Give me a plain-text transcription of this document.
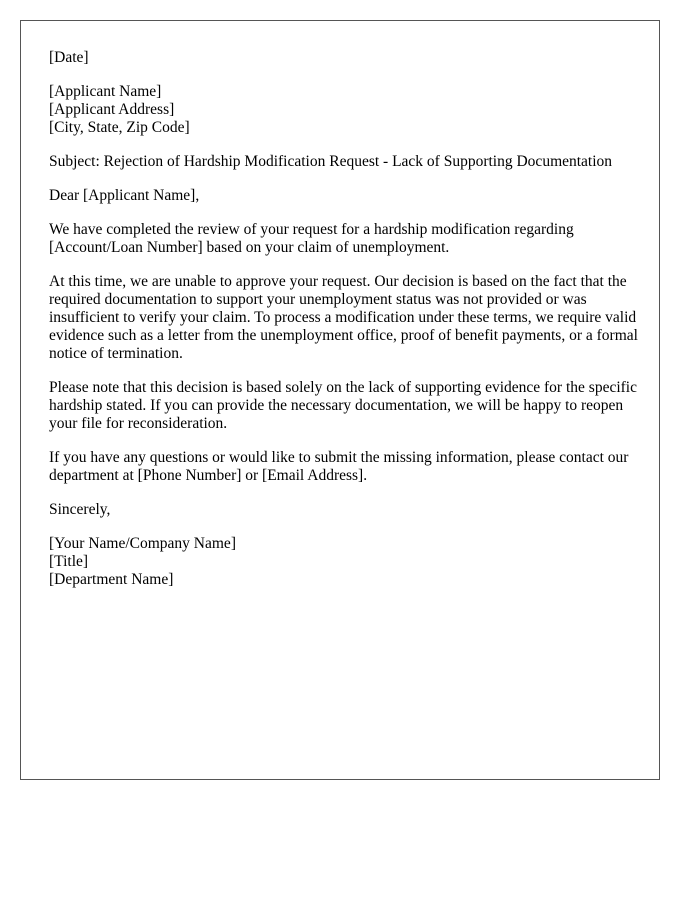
[Date]
[Applicant Name]
[Applicant Address]
[City, State, Zip Code]
Subject: Rejection of Hardship Modification Request - Lack of Supporting Documentation
Dear [Applicant Name],

We have completed the review of your request for a hardship modification regarding [Account/Loan Number] based on your claim of unemployment.

At this time, we are unable to approve your request. Our decision is based on the fact that the required documentation to support your unemployment status was not provided or was insufficient to verify your claim. To process a modification under these terms, we require valid evidence such as a letter from the unemployment office, proof of benefit payments, or a formal notice of termination.

Please note that this decision is based solely on the lack of supporting evidence for the specific hardship stated. If you can provide the necessary documentation, we will be happy to reopen your file for reconsideration.

If you have any questions or would like to submit the missing information, please contact our department at [Phone Number] or [Email Address].

Sincerely,
[Your Name/Company Name]
[Title]
[Department Name]
